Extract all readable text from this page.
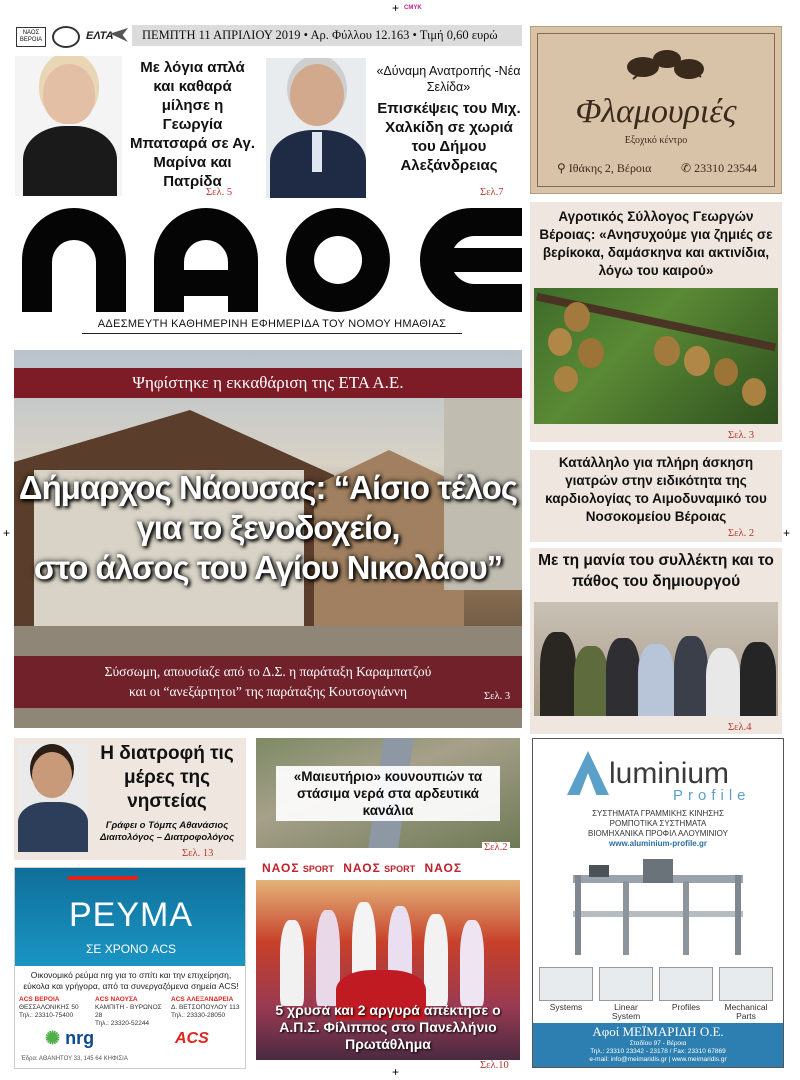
+ CMYK
+	+
+
ΝΑΟΣ ΒΕΡΟΙΑ	ΕΛΤΑ	ΠΕΜΠΤΗ 11 ΑΠΡΙΛΙΟΥ 2019 • Αρ. Φύλλου 12.163 • Τιμή 0,60 ευρώ
Με λόγια απλά και καθαρά μίλησε η Γεωργία Μπατσαρά σε Αγ. Μαρίνα και Πατρίδα
Σελ. 5
«Δύναμη Ανατροπής -Νέα Σελίδα»
Επισκέψεις του Μιχ. Χαλκίδη σε χωριά του Δήμου Αλεξάνδρειας
Σελ.7
ΑΔΕΣΜΕΥΤΗ ΚΑΘΗΜΕΡΙΝΗ ΕΦΗΜΕΡΙΔΑ ΤΟΥ ΝΟΜΟΥ ΗΜΑΘΙΑΣ
Φλαμουριές
Εξοχικό κέντρο
⚲ Ιθάκης 2, Βέροια ✆ 23310 23544
Αγροτικός Σύλλογος Γεωργών Βέροιας: «Ανησυχούμε για ζημιές σε βερίκοκα, δαμάσκηνα και ακτινίδια, λόγω του καιρού»
Σελ. 3
Κατάλληλο για πλήρη άσκηση γιατρών στην ειδικότητα της καρδιολογίας το Αιμοδυναμικό του Νοσοκομείου Βέροιας
Σελ. 2
Με τη μανία του συλλέκτη και το πάθος του δημιουργού
Σελ.4
Ψηφίστηκε η εκκαθάριση της ΕΤΑ Α.Ε.
Δήμαρχος Νάουσας: “Αίσιο τέλος
για το ξενοδοχείο,
στο άλσος του Αγίου Νικολάου”
Σύσσωμη, απουσίαζε από το Δ.Σ. η παράταξη Καραμπατζού
και οι “ανεξάρτητοι” της παράταξης Κουτσογιάννη	Σελ. 3
Η διατροφή τις μέρες της νηστείας
Γράφει ο Τόμπς Αθανάσιος
Διαιτολόγος – Διατροφολόγος
Σελ. 13
«Μαιευτήριο» κουνουπιών τα στάσιμα νερά στα αρδευτικά κανάλια
Σελ.2
ΝΑΟΣ SPORT ΝΑΟΣ SPORT ΝΑΟΣ
5 χρυσά και 2 αργυρά απέκτησε ο Α.Π.Σ. Φίλιππος στο Πανελλήνιο Πρωτάθλημα
Σελ.10
ΡΕΥΜΑ
ΣΕ ΧΡΟΝΟ ACS
Οικονομικό ρεύμα nrg για το σπίτι και την επιχείρηση, εύκολα και γρήγορα, από τα συνεργαζόμενα σημεία ACS!
ACS ΒΕΡΟΙΑ
ΘΕΣΣΑΛΟΝΙΚΗΣ 50
Τηλ.: 23310-75400
ACS ΝΑΟΥΣΑ
ΚΑΜΠΙΤΗ - ΒΥΡΩΝΟΣ 28
Τηλ.: 23320-52244
ACS ΑΛΕΞΑΝΔΡΕΙΑ
Δ. ΒΕΤΣΟΠΟΥΛΟΥ 113
Τηλ.: 23330-28050
✺ nrg	ACS
Έδρα: ΑΘΑΝΗΤΟΥ 33, 145 64 ΚΗΦΙΣΙΑ
luminium
Profile
ΣΥΣΤΗΜΑΤΑ ΓΡΑΜΜΙΚΗΣ ΚΙΝΗΣΗΣ
ΡΟΜΠΟΤΙΚΑ ΣΥΣΤΗΜΑΤΑ
ΒΙΟΜΗΧΑΝΙΚΑ ΠΡΟΦΙΛ ΑΛΟΥΜΙΝΙΟΥ
www.aluminium-profile.gr
Systems	Linear System
Profiles	Mechanical Parts
Αφοί ΜΕΪΜΑΡΙΔΗ Ο.Ε.
Σταδίου 97 - Βέροια
Τηλ.: 23310 23342 - 23178 / Fax: 23310 67869
e-mail: info@meimaridis.gr | www.meimaridis.gr
